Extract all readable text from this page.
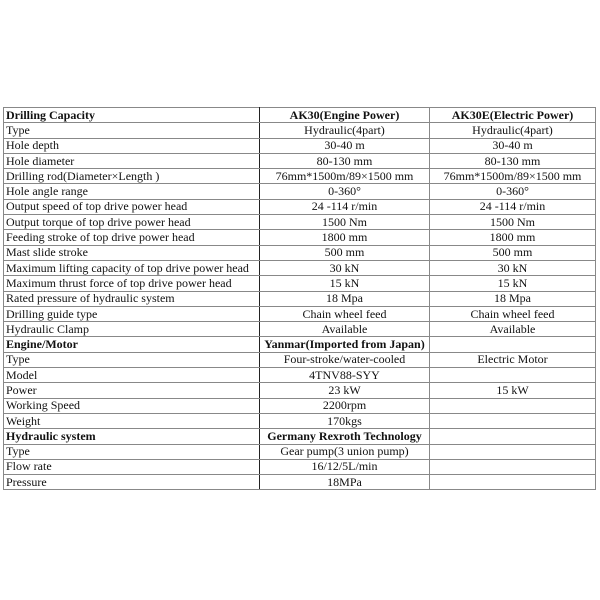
Drilling Capacity	AK30(Engine Power)	AK30E(Electric Power)
Type	Hydraulic(4part)	Hydraulic(4part)
Hole depth	30-40 m	30-40 m
Hole diameter	80-130 mm	80-130 mm
Drilling rod(Diameter×Length )	76mm*1500m/89×1500 mm	76mm*1500m/89×1500 mm
Hole angle range	0-360°	0-360°
Output speed of top drive power head	24 -114 r/min	24 -114 r/min
Output torque of top drive power head	1500 Nm	1500 Nm
Feeding stroke of top drive power head	1800 mm	1800 mm
Mast slide stroke	500 mm	500 mm
Maximum lifting capacity of top drive power head	30 kN	30 kN
Maximum thrust force of top drive power head	15 kN	15 kN
Rated pressure of hydraulic system	18 Mpa	18 Mpa
Drilling guide type	Chain wheel feed	Chain wheel feed
Hydraulic Clamp	Available	Available
Engine/Motor	Yanmar(Imported from Japan)	
Type	Four-stroke/water-cooled	Electric Motor
Model	4TNV88-SYY	
Power	23 kW	15 kW
Working Speed	2200rpm	
Weight	170kgs	
Hydraulic system	Germany Rexroth Technology	
Type	Gear pump(3 union pump)	
Flow rate	16/12/5L/min	
Pressure	18MPa	
